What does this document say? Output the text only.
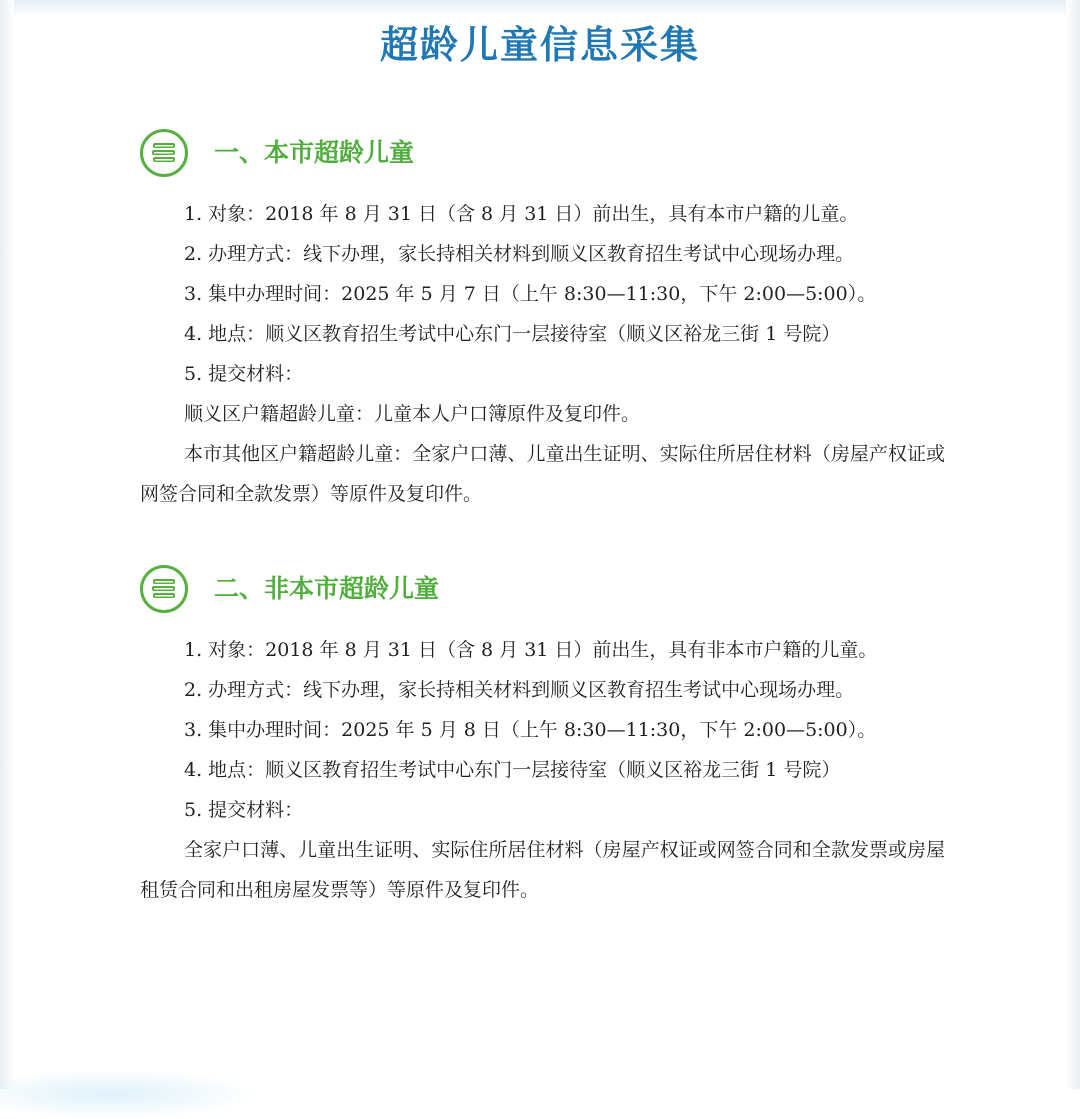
超龄儿童信息采集
一、本市超龄儿童
1. 对象：2018 年 8 月 31 日（含 8 月 31 日）前出生，具有本市户籍的儿童。
2. 办理方式：线下办理，家长持相关材料到顺义区教育招生考试中心现场办理。
3. 集中办理时间：2025 年 5 月 7 日（上午 8:30—11:30，下午 2:00—5:00）。
4. 地点：顺义区教育招生考试中心东门一层接待室（顺义区裕龙三街 1 号院）
5. 提交材料：

顺义区户籍超龄儿童：儿童本人户口簿原件及复印件。

本市其他区户籍超龄儿童：全家户口薄、儿童出生证明、实际住所居住材料（房屋产权证或网签合同和全款发票）等原件及复印件。

二、非本市超龄儿童
1. 对象：2018 年 8 月 31 日（含 8 月 31 日）前出生，具有非本市户籍的儿童。
2. 办理方式：线下办理，家长持相关材料到顺义区教育招生考试中心现场办理。
3. 集中办理时间：2025 年 5 月 8 日（上午 8:30—11:30，下午 2:00—5:00）。
4. 地点：顺义区教育招生考试中心东门一层接待室（顺义区裕龙三街 1 号院）
5. 提交材料：

全家户口薄、儿童出生证明、实际住所居住材料（房屋产权证或网签合同和全款发票或房屋租赁合同和出租房屋发票等）等原件及复印件。
